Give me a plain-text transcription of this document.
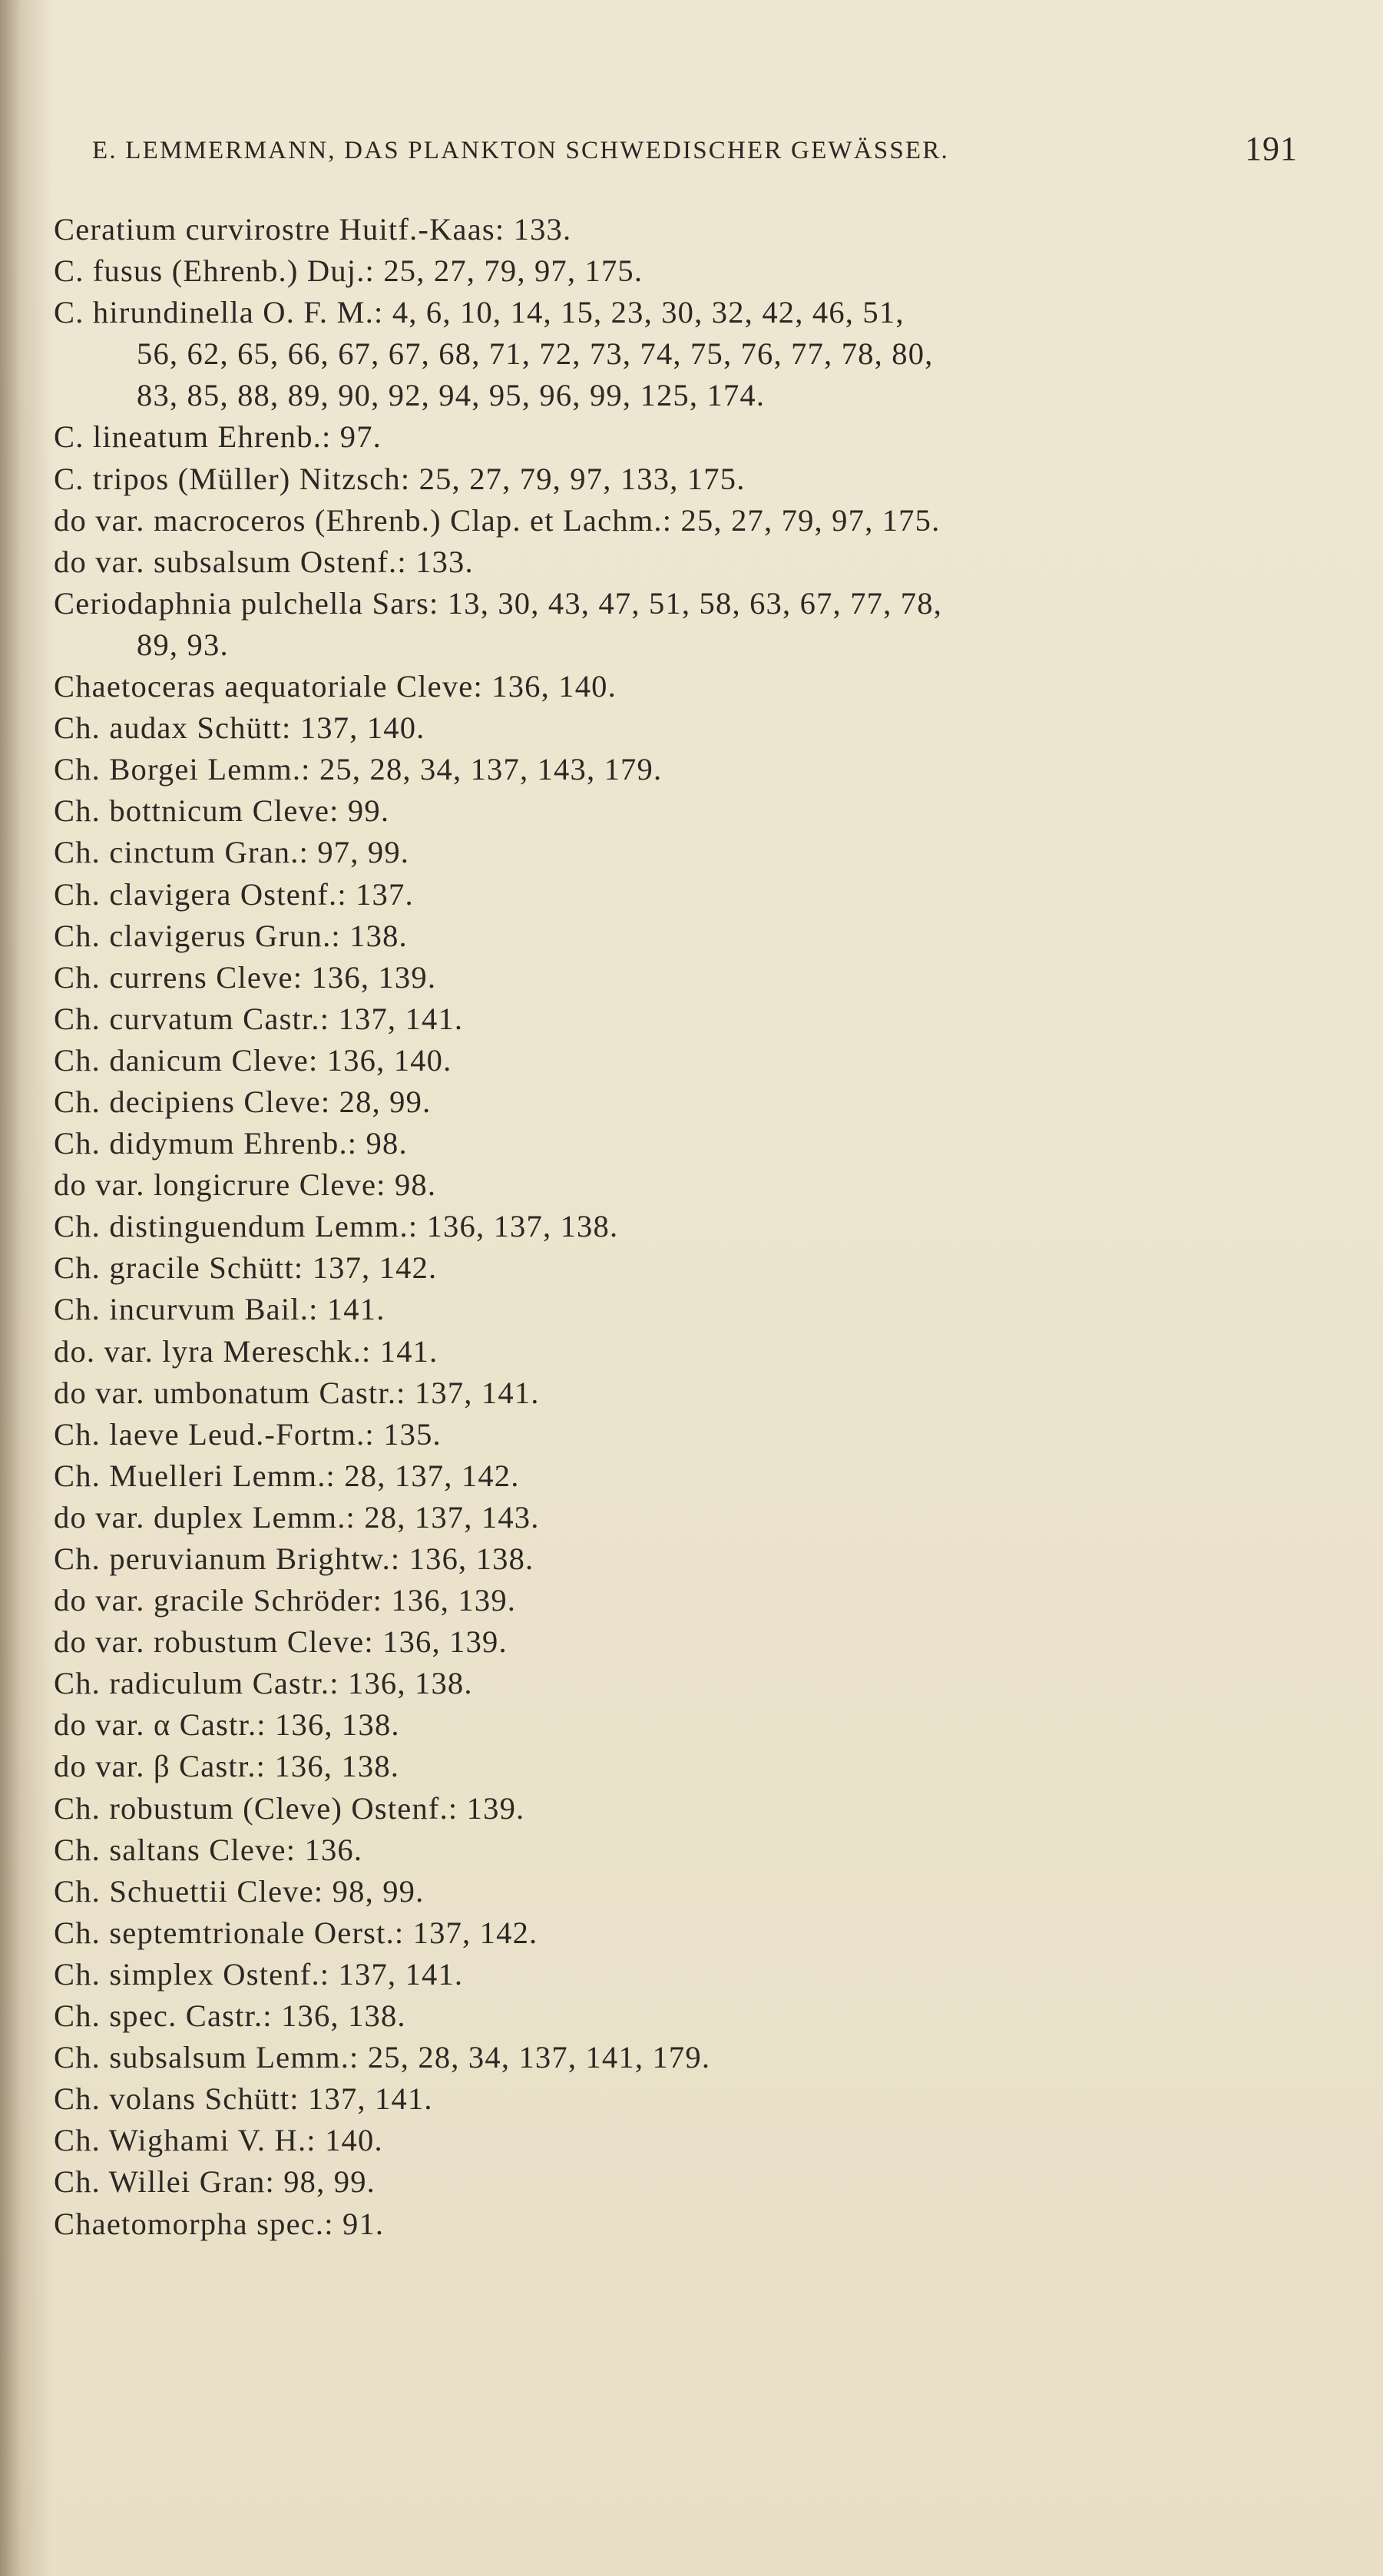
E. LEMMERMANN, DAS PLANKTON SCHWEDISCHER GEWÄSSER.	191
Ceratium curvirostre Huitf.-Kaas: 133.
C. fusus (Ehrenb.) Duj.: 25, 27, 79, 97, 175.
C. hirundinella O. F. M.: 4, 6, 10, 14, 15, 23, 30, 32, 42, 46, 51,
56, 62, 65, 66, 67, 67, 68, 71, 72, 73, 74, 75, 76, 77, 78, 80,
83, 85, 88, 89, 90, 92, 94, 95, 96, 99, 125, 174.
C. lineatum Ehrenb.: 97.
C. tripos (Müller) Nitzsch: 25, 27, 79, 97, 133, 175.
do var. macroceros (Ehrenb.) Clap. et Lachm.: 25, 27, 79, 97, 175.
do var. subsalsum Ostenf.: 133.
Ceriodaphnia pulchella Sars: 13, 30, 43, 47, 51, 58, 63, 67, 77, 78,
89, 93.
Chaetoceras aequatoriale Cleve: 136, 140.
Ch. audax Schütt: 137, 140.
Ch. Borgei Lemm.: 25, 28, 34, 137, 143, 179.
Ch. bottnicum Cleve: 99.
Ch. cinctum Gran.: 97, 99.
Ch. clavigera Ostenf.: 137.
Ch. clavigerus Grun.: 138.
Ch. currens Cleve: 136, 139.
Ch. curvatum Castr.: 137, 141.
Ch. danicum Cleve: 136, 140.
Ch. decipiens Cleve: 28, 99.
Ch. didymum Ehrenb.: 98.
do var. longicrure Cleve: 98.
Ch. distinguendum Lemm.: 136, 137, 138.
Ch. gracile Schütt: 137, 142.
Ch. incurvum Bail.: 141.
do. var. lyra Mereschk.: 141.
do var. umbonatum Castr.: 137, 141.
Ch. laeve Leud.-Fortm.: 135.
Ch. Muelleri Lemm.: 28, 137, 142.
do var. duplex Lemm.: 28, 137, 143.
Ch. peruvianum Brightw.: 136, 138.
do var. gracile Schröder: 136, 139.
do var. robustum Cleve: 136, 139.
Ch. radiculum Castr.: 136, 138.
do var. α Castr.: 136, 138.
do var. β Castr.: 136, 138.
Ch. robustum (Cleve) Ostenf.: 139.
Ch. saltans Cleve: 136.
Ch. Schuettii Cleve: 98, 99.
Ch. septemtrionale Oerst.: 137, 142.
Ch. simplex Ostenf.: 137, 141.
Ch. spec. Castr.: 136, 138.
Ch. subsalsum Lemm.: 25, 28, 34, 137, 141, 179.
Ch. volans Schütt: 137, 141.
Ch. Wighami V. H.: 140.
Ch. Willei Gran: 98, 99.
Chaetomorpha spec.: 91.
